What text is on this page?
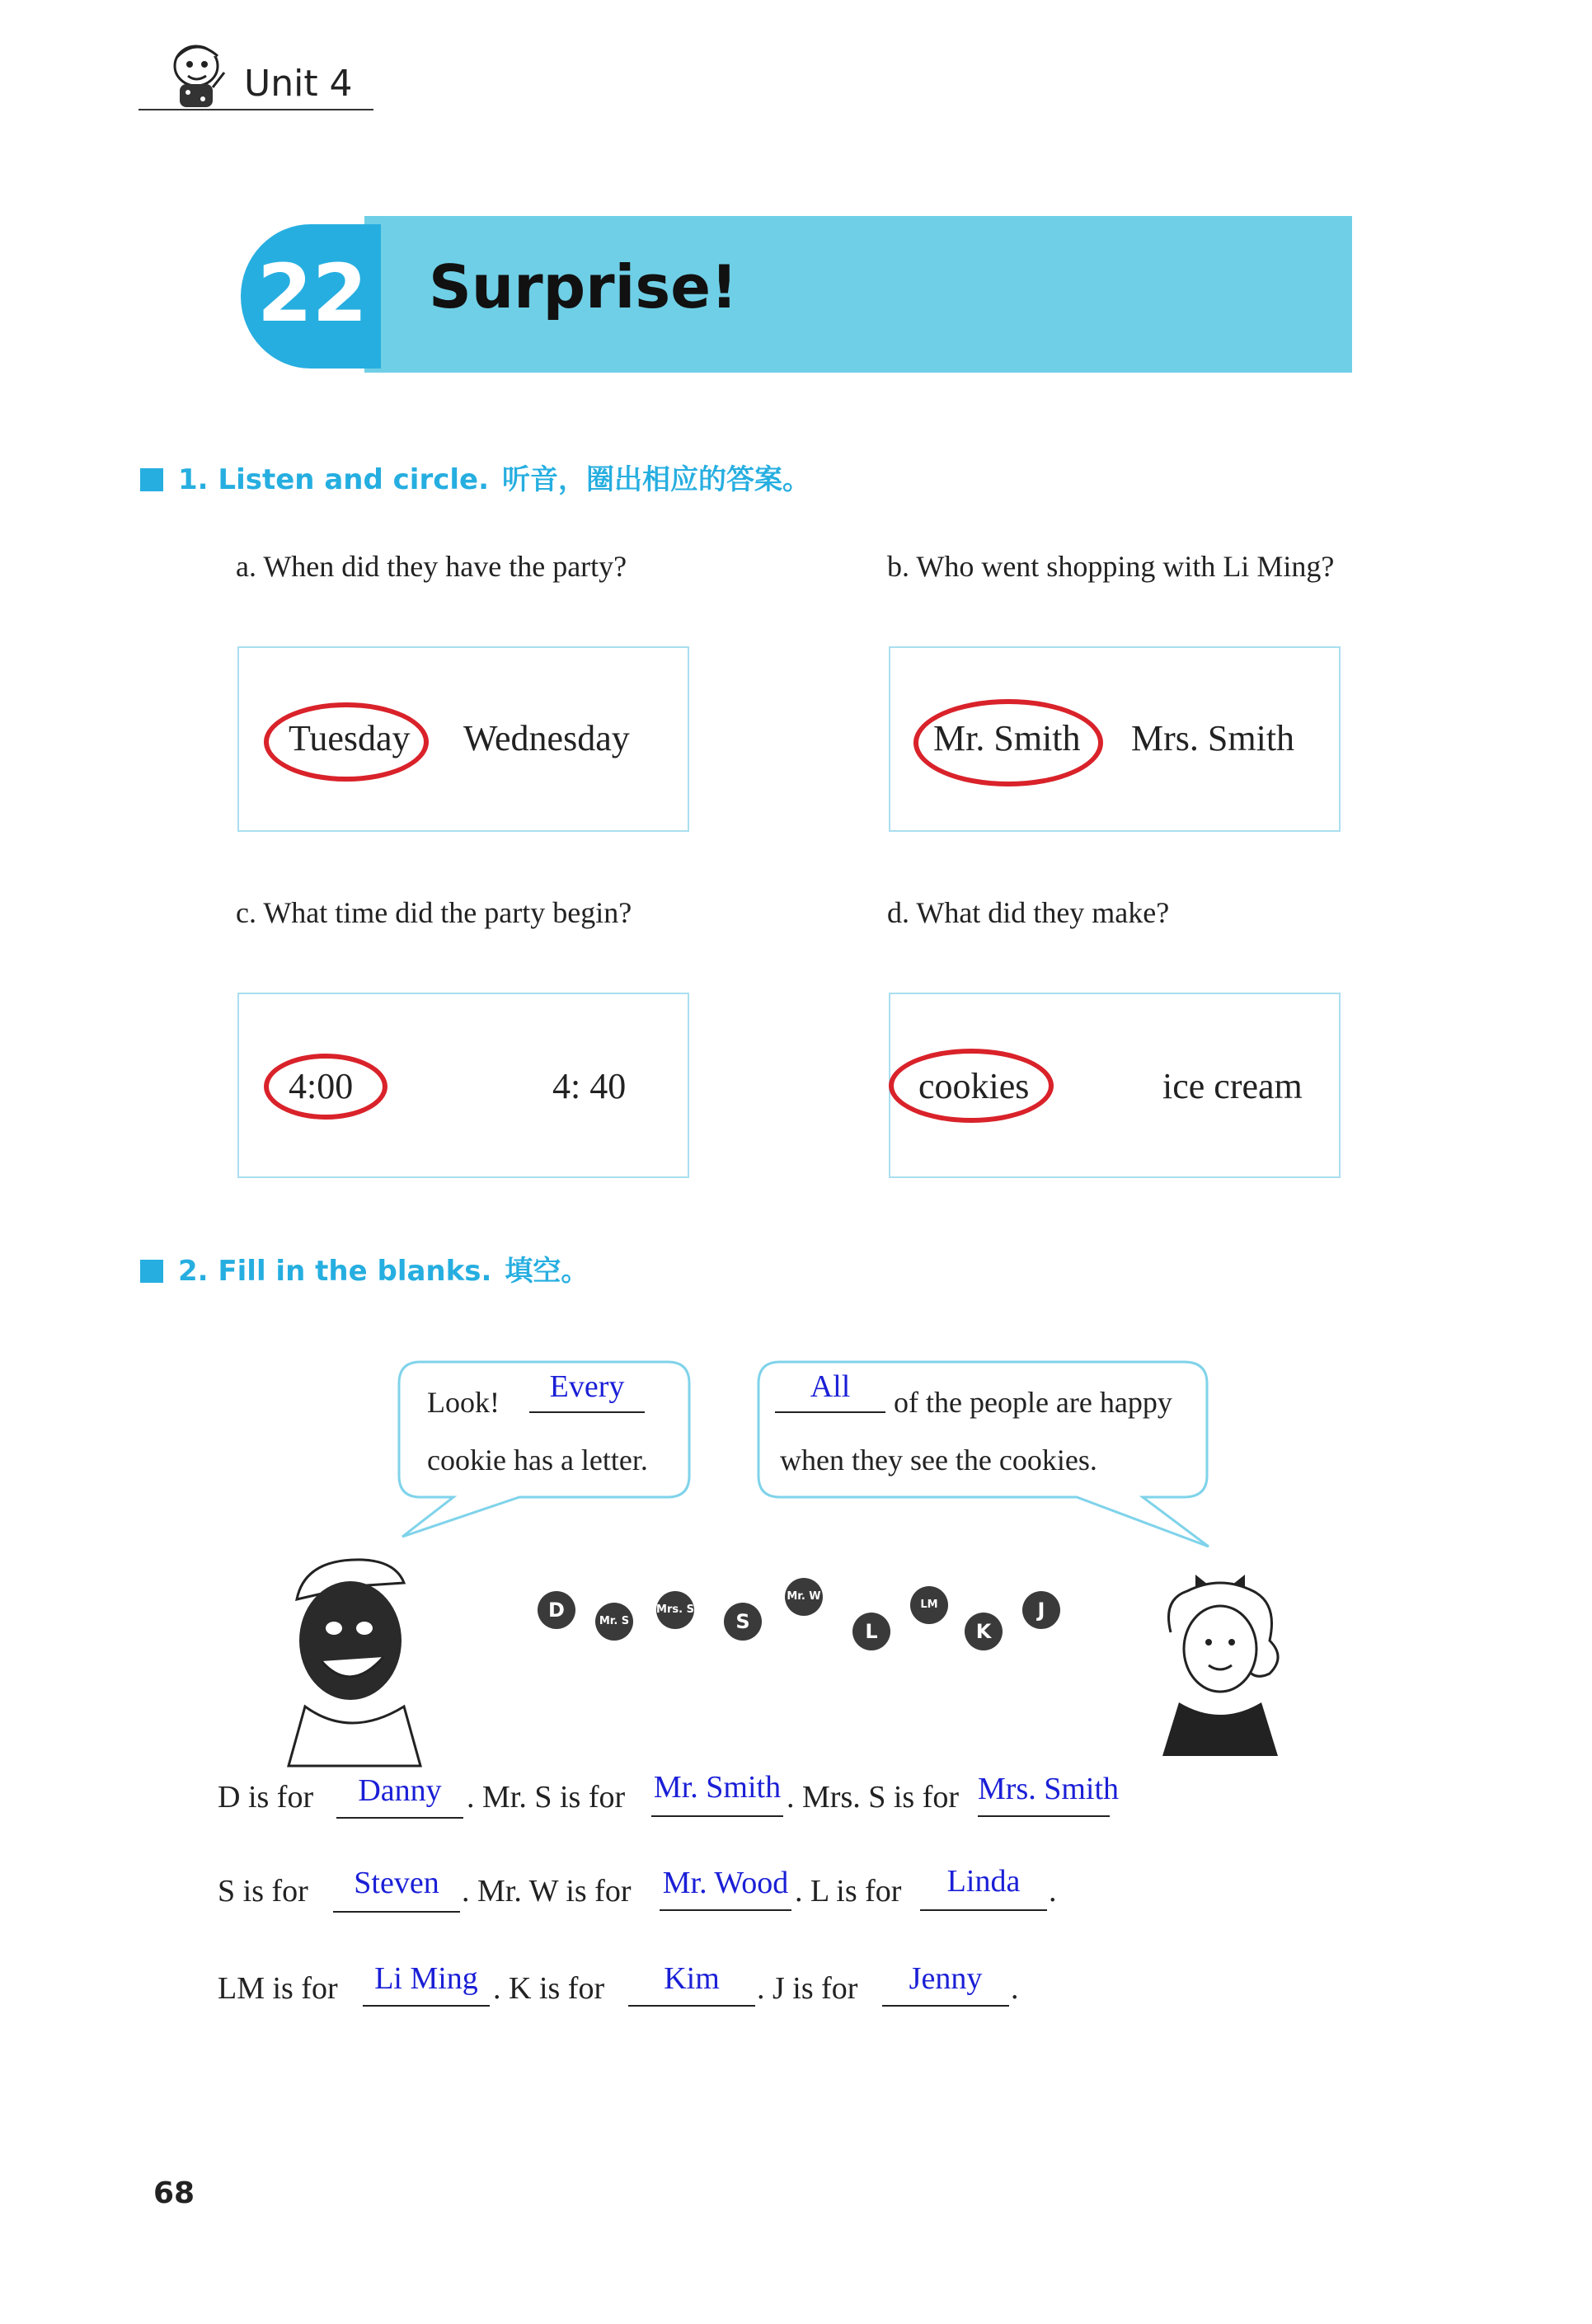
Unit 4
22 Surprise!
1. Listen and circle. 听音，圈出相应的答案。
a. When did they have the party?
Tuesday Wednesday
b. Who went shopping with Li Ming?
Mr. Smith Mrs. Smith
c. What time did the party begin?
4:00	4: 40
d. What did they make?
cookies	ice cream
2. Fill in the blanks. 填空。
Look!	Every
cookie has a letter.
All	of the people are happy
when they see the cookies.
D	Mr. S
Mrs. S
S
Mr. W
L
LM
K
J
D is for	Danny . Mr. S is for Mr. Smith . Mrs. S is for Mrs. Smith
S is for	Steven . Mr. W is for Mr. Wood . L is for	Linda .
LM is for	Li Ming . K is for	Kim	. J is for	Jenny .
68
